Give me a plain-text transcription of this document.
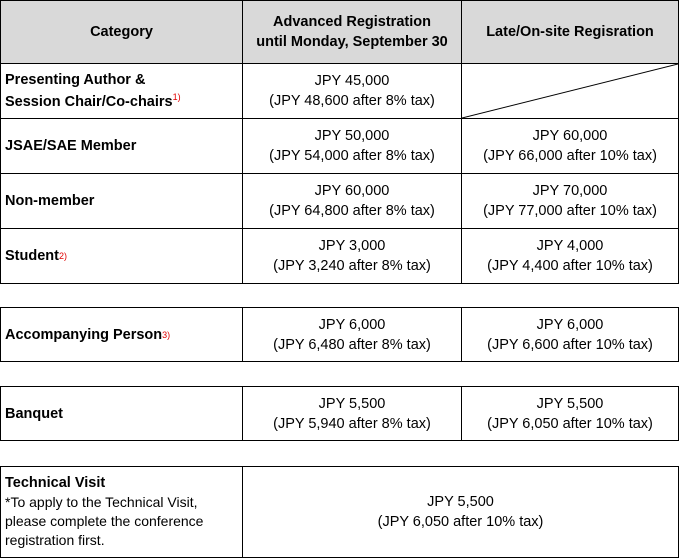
Category
Advanced Registration
until Monday, September 30
Late/On-site Regisration
Presenting Author &
Session Chair/Co-chairs$^{1)}$
JPY 45,000
(JPY 48,600 after 8% tax)
JSAE/SAE Member
JPY 50,000
(JPY 54,000 after 8% tax)
JPY 60,000
(JPY 66,000 after 10% tax)
Non-member
JPY 60,000
(JPY 64,800 after 8% tax)
JPY 70,000
(JPY 77,000 after 10% tax)
Student 2)
JPY 3,000
(JPY 3,240 after 8% tax)
JPY 4,000
(JPY 4,400 after 10% tax)
Accompanying Person 3)
JPY 6,000
(JPY 6,480 after 8% tax)
JPY 6,000
(JPY 6,600 after 10% tax)
Banquet
JPY 5,500
(JPY 5,940 after 8% tax)
JPY 5,500
(JPY 6,050 after 10% tax)
Technical Visit
*To apply to the Technical Visit,
please complete the conference
registration first.
JPY 5,500
(JPY 6,050 after 10% tax)
